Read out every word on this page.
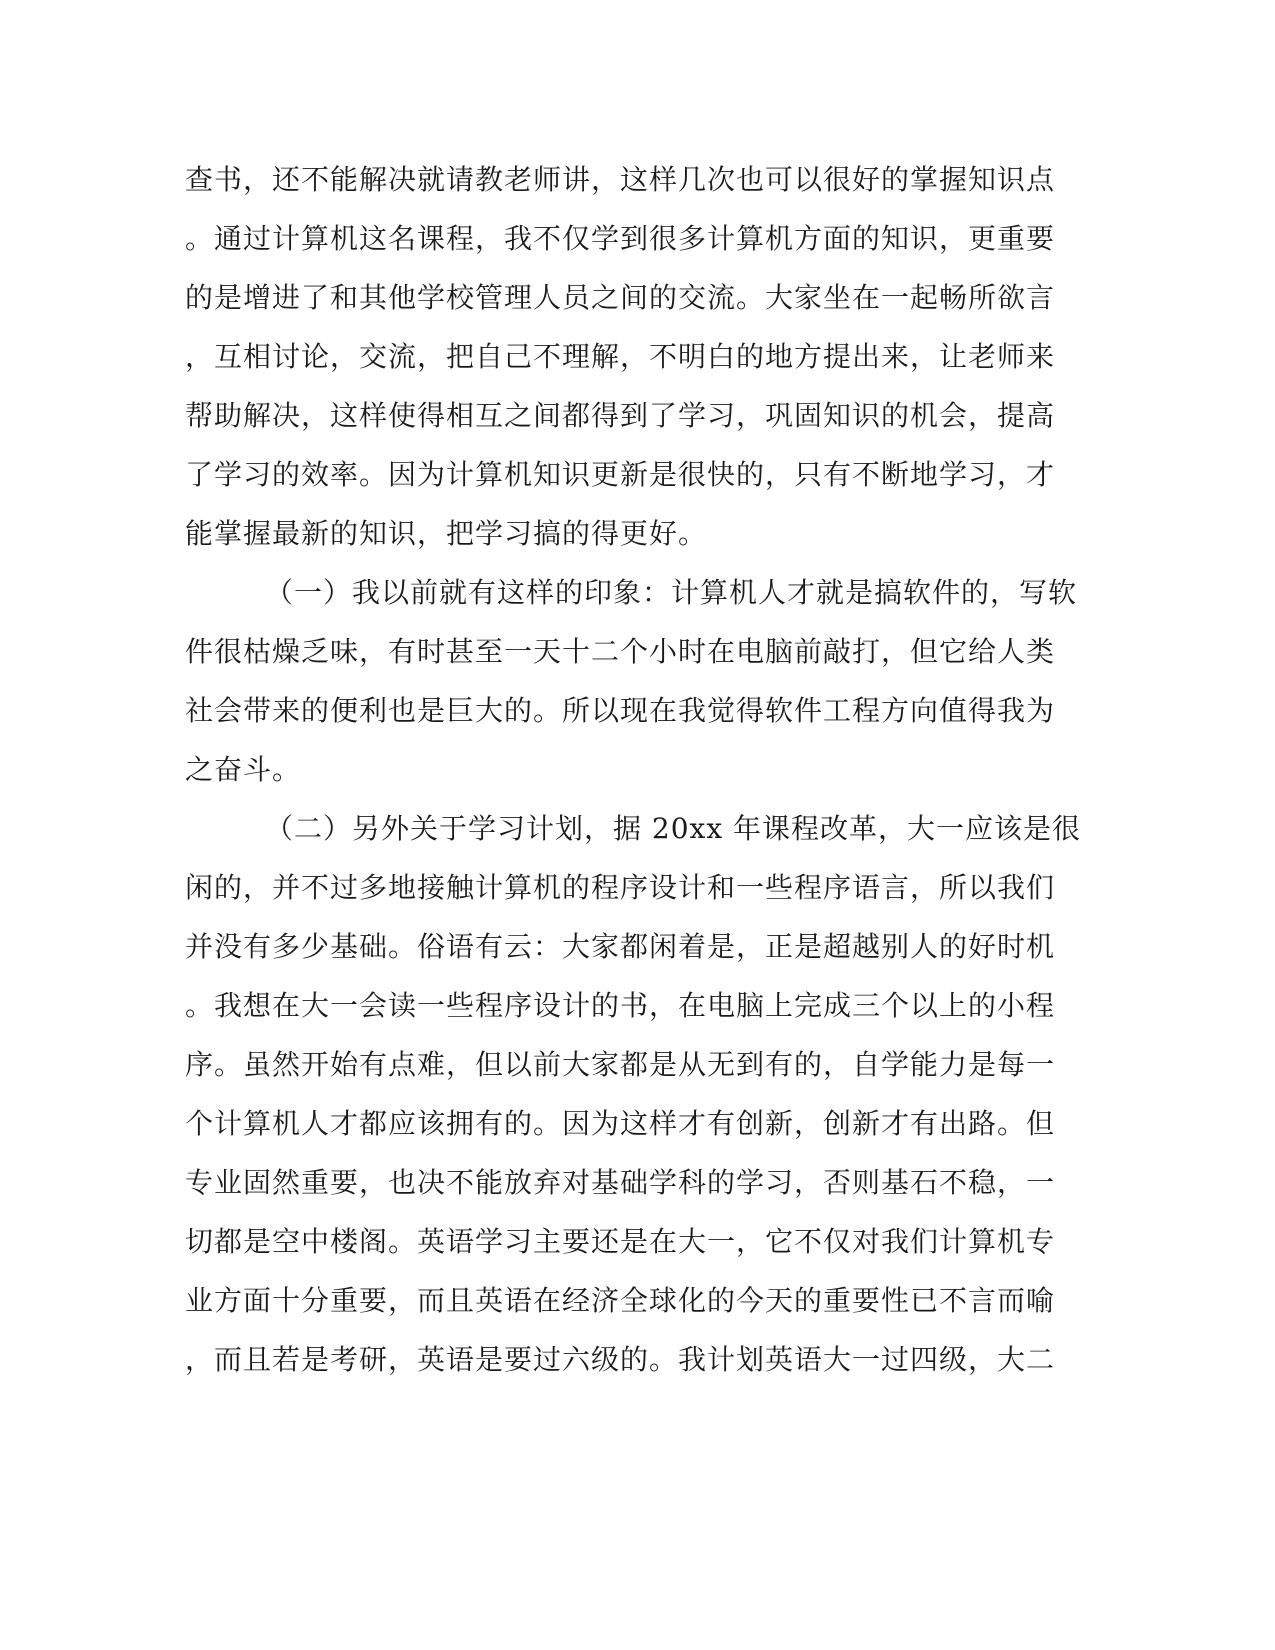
查书，还不能解决就请教老师讲，这样几次也可以很好的掌握知识点

。通过计算机这名课程，我不仅学到很多计算机方面的知识，更重要

的是增进了和其他学校管理人员之间的交流。大家坐在一起畅所欲言

，互相讨论，交流，把自己不理解，不明白的地方提出来，让老师来

帮助解决，这样使得相互之间都得到了学习，巩固知识的机会，提高

了学习的效率。因为计算机知识更新是很快的，只有不断地学习，才

能掌握最新的知识，把学习搞的得更好。

（一）我以前就有这样的印象：计算机人才就是搞软件的，写软

件很枯燥乏味，有时甚至一天十二个小时在电脑前敲打，但它给人类

社会带来的便利也是巨大的。所以现在我觉得软件工程方向值得我为

之奋斗。

（二）另外关于学习计划，据 20xx 年课程改革，大一应该是很

闲的，并不过多地接触计算机的程序设计和一些程序语言，所以我们

并没有多少基础。俗语有云：大家都闲着是，正是超越别人的好时机

。我想在大一会读一些程序设计的书，在电脑上完成三个以上的小程

序。虽然开始有点难，但以前大家都是从无到有的，自学能力是每一

个计算机人才都应该拥有的。因为这样才有创新，创新才有出路。但

专业固然重要，也决不能放弃对基础学科的学习，否则基石不稳，一

切都是空中楼阁。英语学习主要还是在大一，它不仅对我们计算机专

业方面十分重要，而且英语在经济全球化的今天的重要性已不言而喻

，而且若是考研，英语是要过六级的。我计划英语大一过四级，大二
